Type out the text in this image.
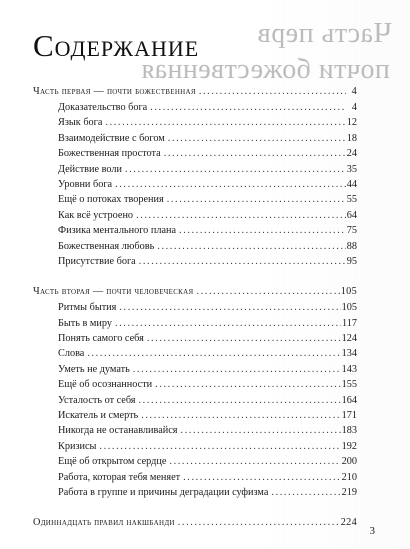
Часть перв
почти божественная
Содержание
Часть первая — почти божественная .....	4
Доказательство бога .....	4
Язык бога .....	12
Взаимодействие с богом .....	18
Божественная простота .....	24
Действие воли .....	35
Уровни бога .....	44
Ещё о потоках творения .....	55
Как всё устроено .....	64
Физика ментального плана .....	75
Божественная любовь .....	88
Присутствие бога .....	95
Часть вторая — почти человеческая .....	105
Ритмы бытия .....	105
Быть в миру .....	117
Понять самого себя .....	124
Слова .....	134
Уметь не думать .....	143
Ещё об осознанности .....	155
Усталость от себя .....	164
Искатель и смерть .....	171
Никогда не останавливайся .....	183
Кризисы .....	192
Ещё об открытом сердце .....	200
Работа, которая тебя меняет .....	210
Работа в группе и причины деградации суфизма .....	219
Одиннадцать правил накшбанди .....	224
3
